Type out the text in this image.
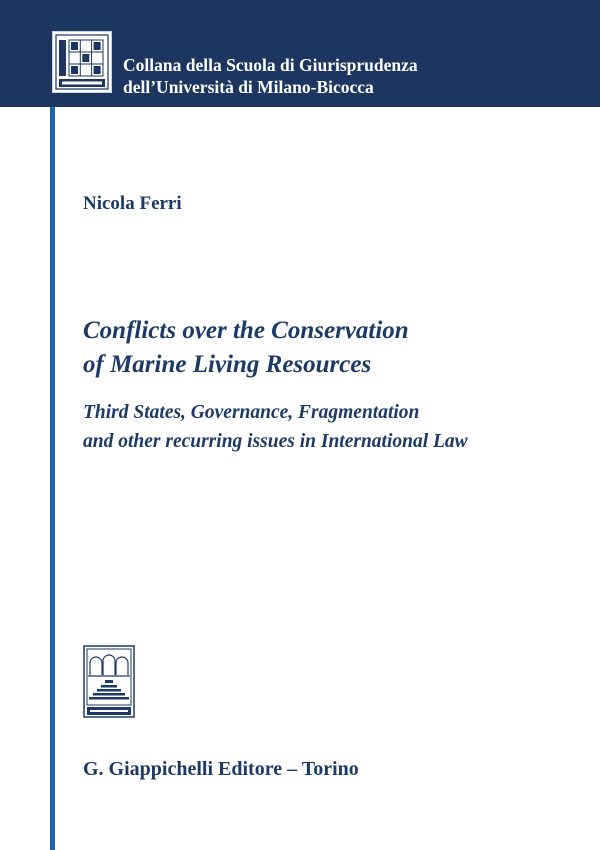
Collana della Scuola di Giurisprudenza
dell’Università di Milano-Bicocca

Nicola Ferri

Conflicts over the Conservation
of Marine Living Resources
Third States, Governance, Fragmentation
and other recurring issues in International Law

G. Giappichelli Editore – Torino
